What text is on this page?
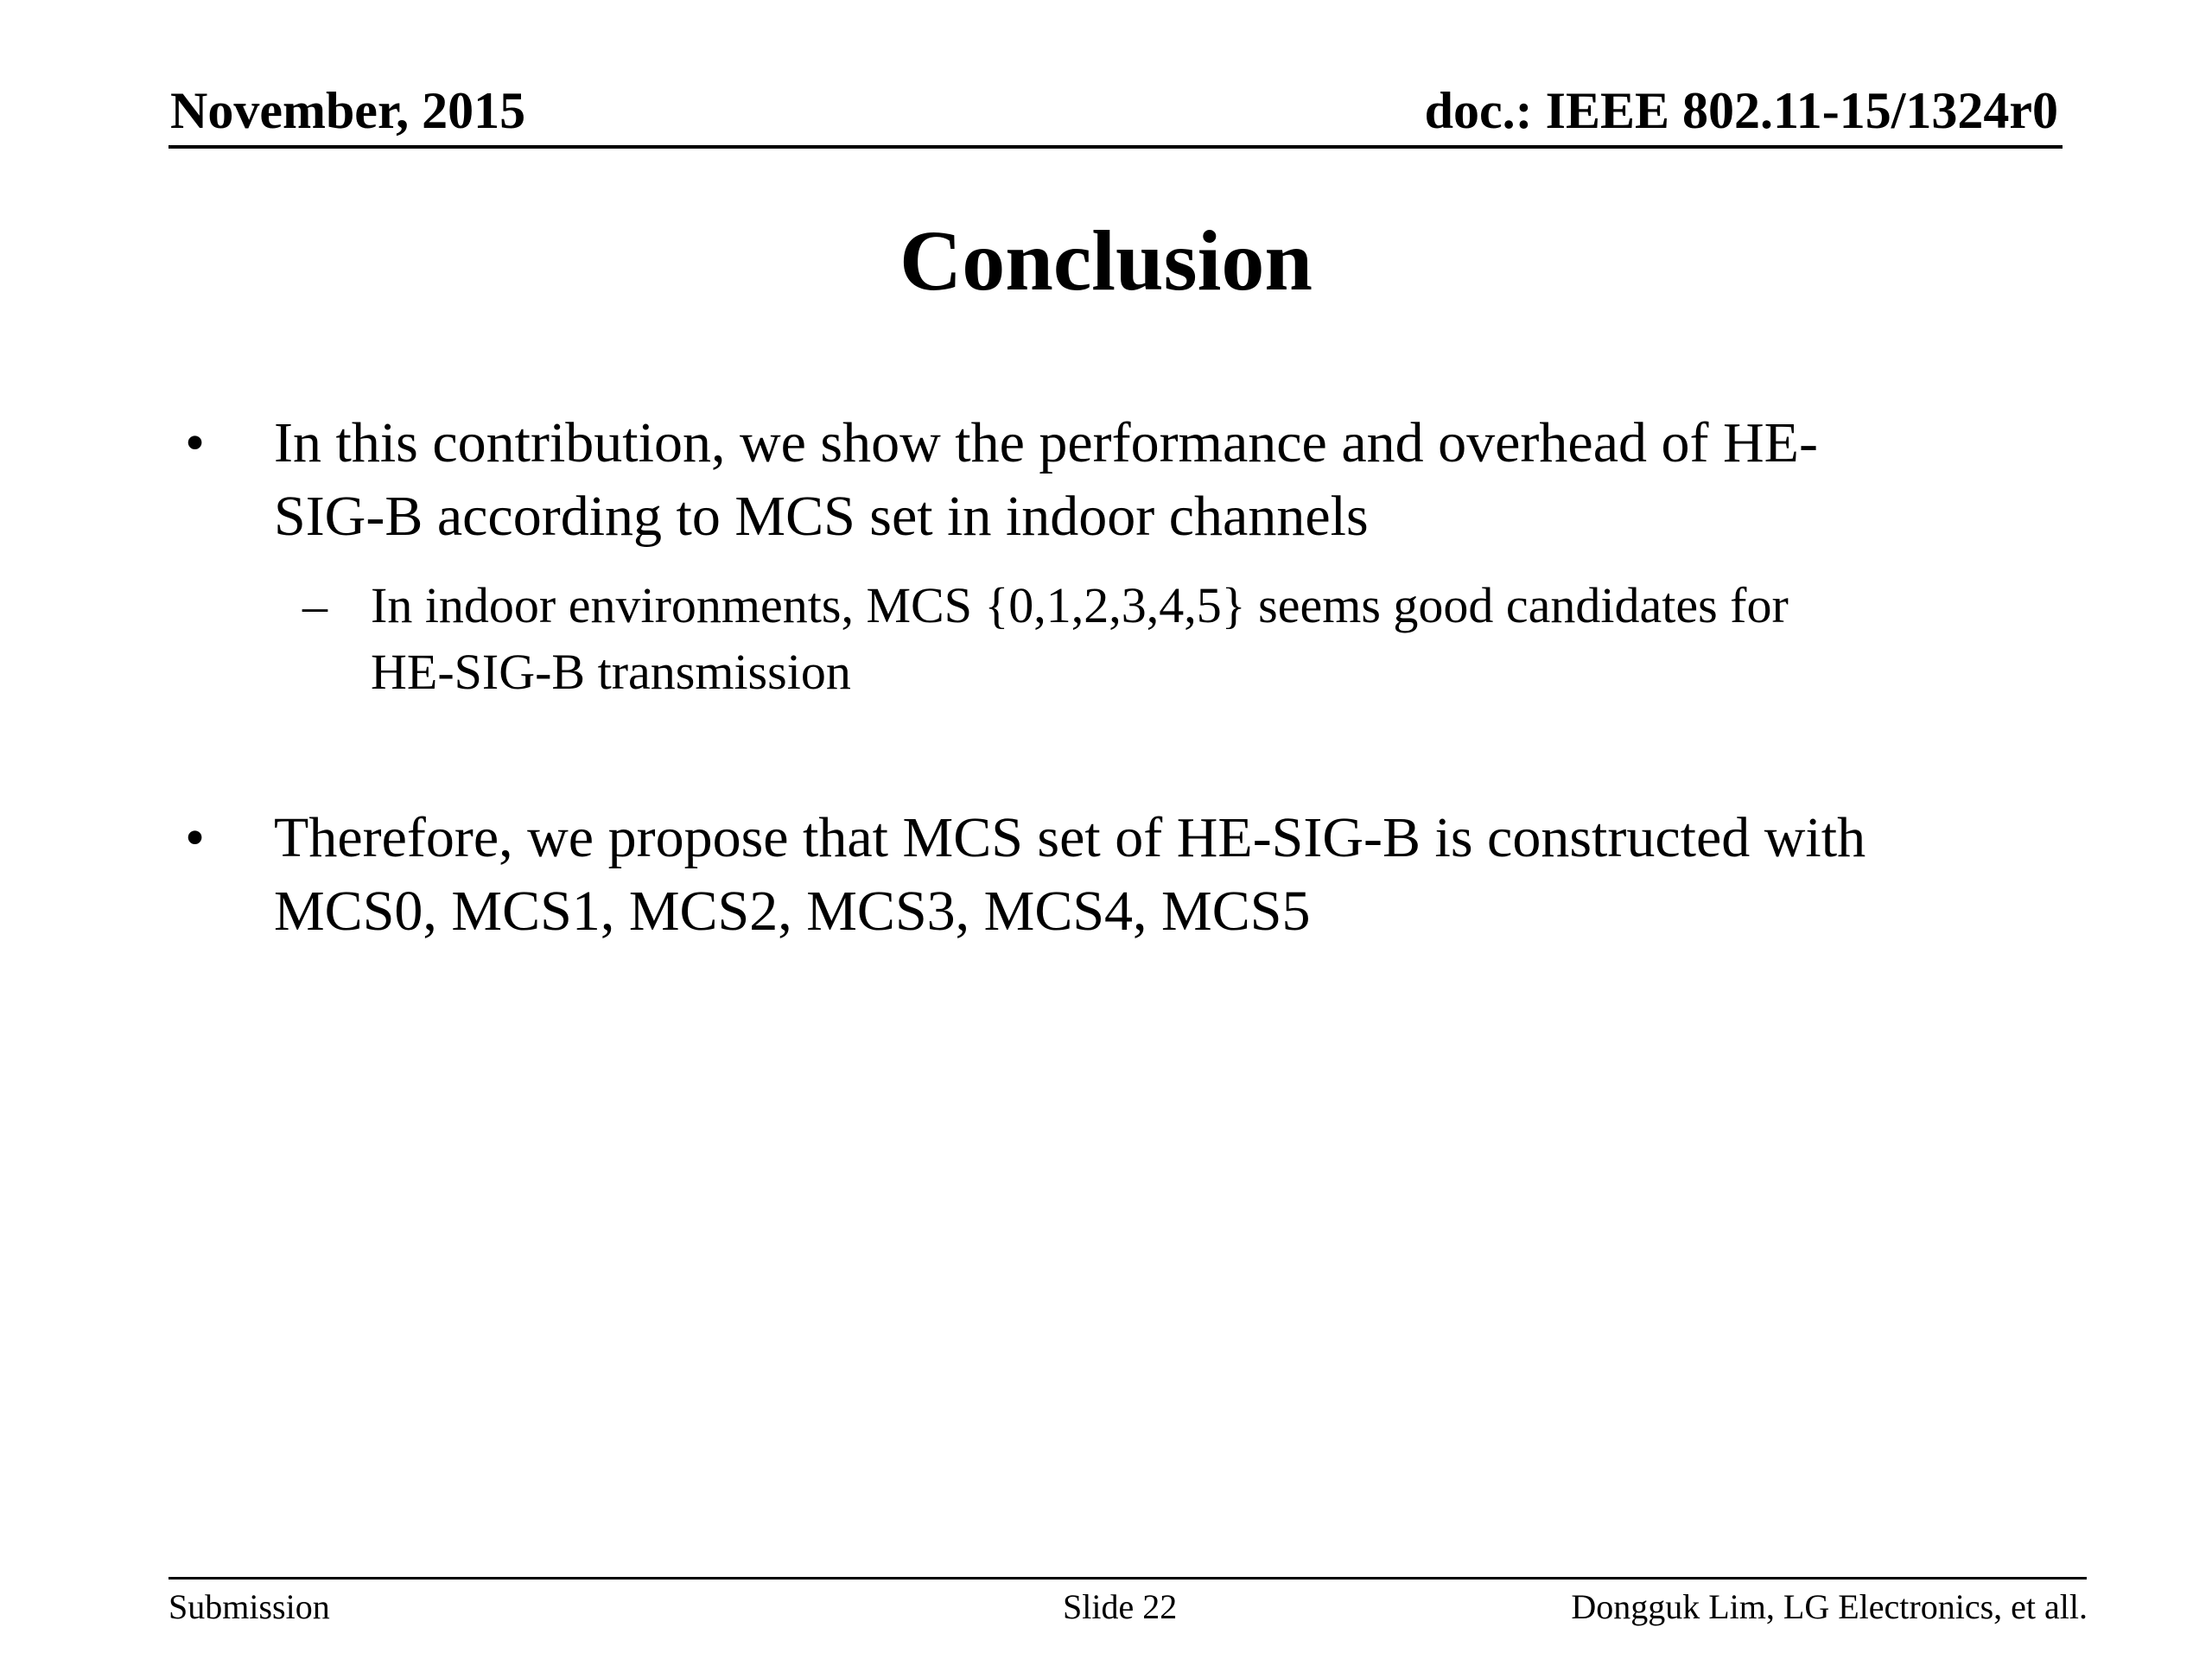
November, 2015	doc.: IEEE 802.11-15/1324r0
Conclusion
•	In this contribution, we show the performance and overhead of HE-
SIG-B according to MCS set in indoor channels
– In indoor environments, MCS {0,1,2,3,4,5} seems good candidates for
HE-SIG-B transmission
•	Therefore, we propose that MCS set of HE-SIG-B is constructed with
MCS0, MCS1, MCS2, MCS3, MCS4, MCS5
Submission	Slide 22	Dongguk Lim, LG Electronics, et all.
